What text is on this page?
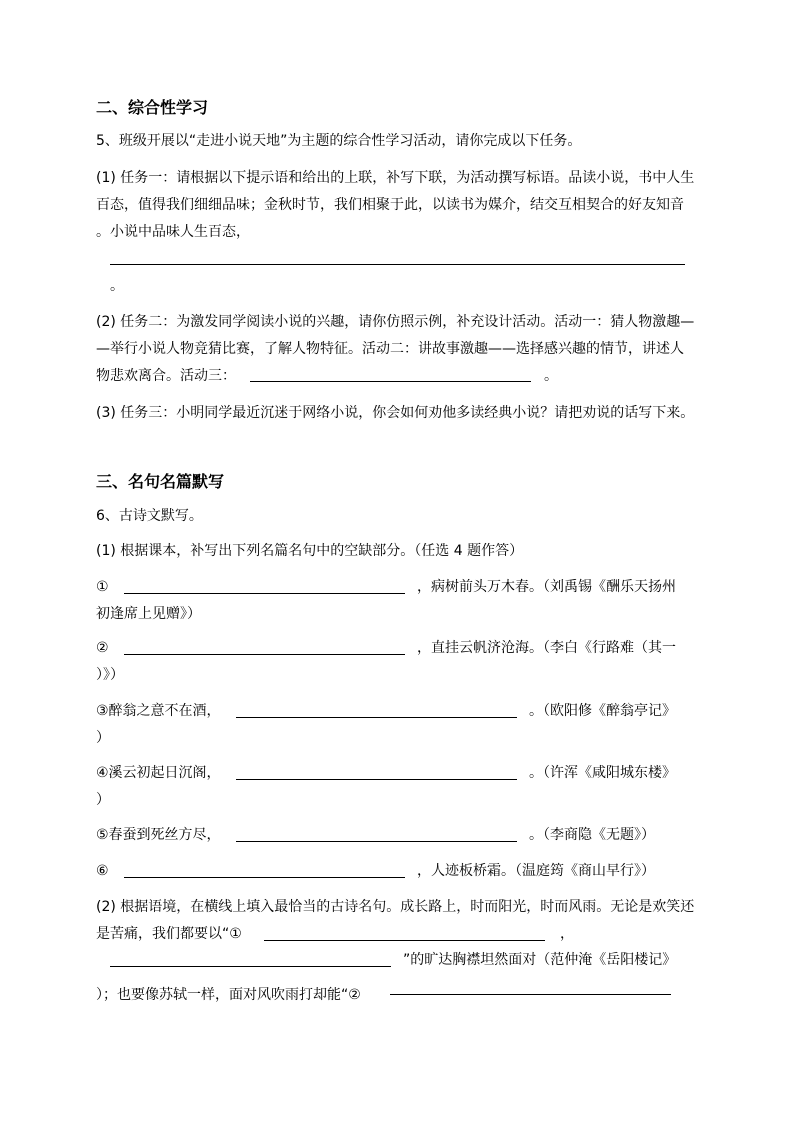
二、综合性学习
5、班级开展以“走进小说天地”为主题的综合性学习活动，请你完成以下任务。
(1) 任务一：请根据以下提示语和给出的上联，补写下联，为活动撰写标语。品读小说，书中人生
百态，值得我们细细品味；金秋时节，我们相聚于此，以读书为媒介，结交互相契合的好友知音
。小说中品味人生百态，
。
(2) 任务二：为激发同学阅读小说的兴趣，请你仿照示例，补充设计活动。活动一：猜人物激趣—
—举行小说人物竞猜比赛，了解人物特征。活动二：讲故事激趣——选择感兴趣的情节，讲述人
物悲欢离合。活动三：	。
(3) 任务三：小明同学最近沉迷于网络小说，你会如何劝他多读经典小说？请把劝说的话写下来。
三、名句名篇默写
6、古诗文默写。
(1) 根据课本，补写出下列名篇名句中的空缺部分。（任选 4 题作答）
①	，病树前头万木春。（刘禹锡《酬乐天扬州
初逢席上见赠》）
②	，直挂云帆济沧海。（李白《行路难（其一
）》）
③醉翁之意不在酒，	。（欧阳修《醉翁亭记》
）
④溪云初起日沉阁，	。（许浑《咸阳城东楼》
）
⑤春蚕到死丝方尽，	。（李商隐《无题》）
⑥	，人迹板桥霜。（温庭筠《商山早行》）
(2) 根据语境，在横线上填入最恰当的古诗名句。成长路上，时而阳光，时而风雨。无论是欢笑还
是苦痛，我们都要以“①	，
”的旷达胸襟坦然面对（范仲淹《岳阳楼记》
）；也要像苏轼一样，面对风吹雨打却能“②
